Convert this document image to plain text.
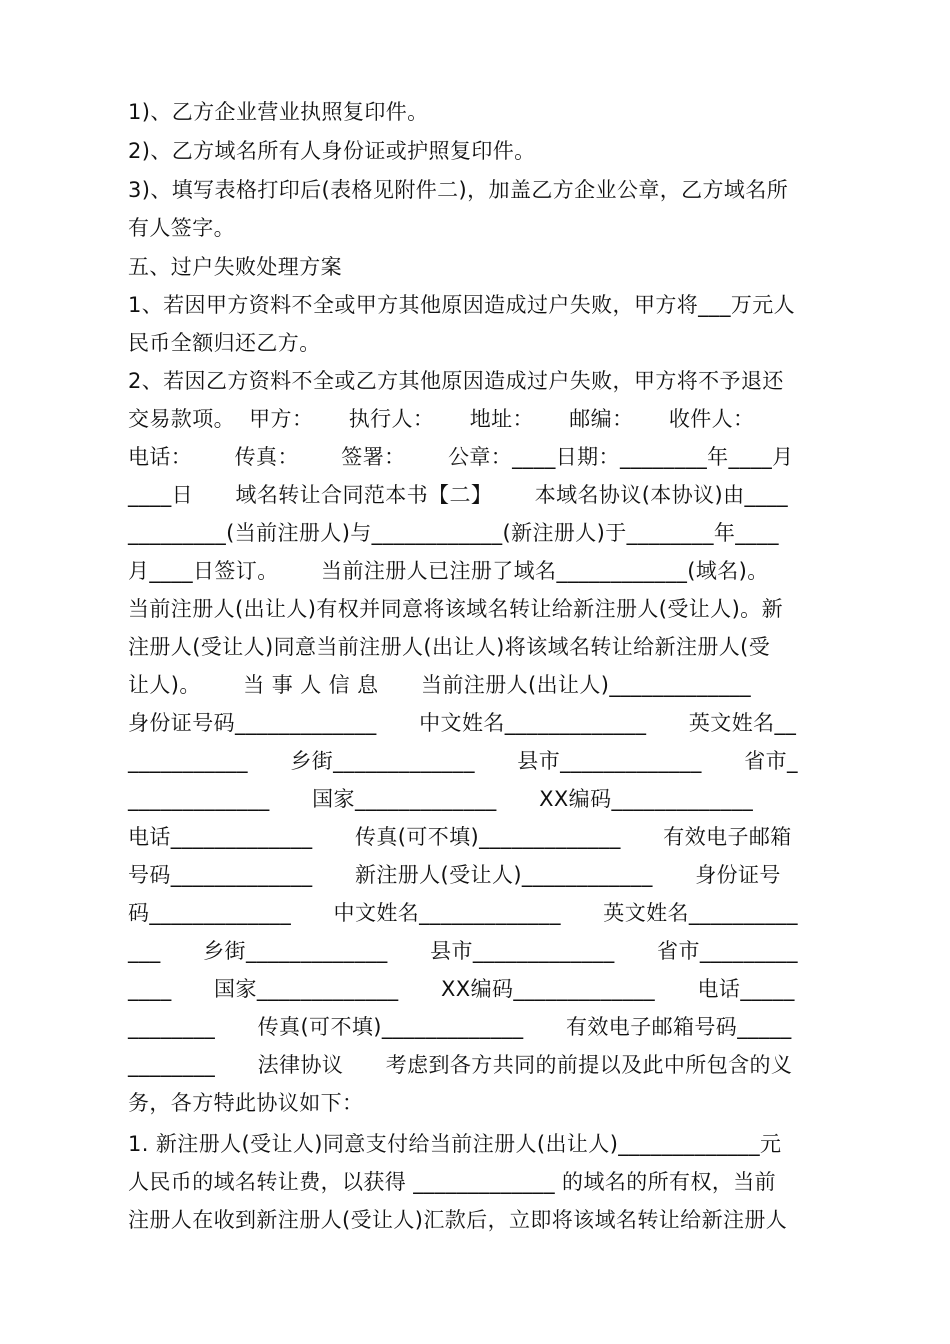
1)、乙方企业营业执照复印件。
2)、乙方域名所有人身份证或护照复印件。
3)、填写表格打印后(表格见附件二)，加盖乙方企业公章，乙方域名所
有人签字。
五、过户失败处理方案
1、若因甲方资料不全或甲方其他原因造成过户失败，甲方将___万元人
民币全额归还乙方。
2、若因乙方资料不全或乙方其他原因造成过户失败，甲方将不予退还
交易款项。  甲方：     执行人：     地址：     邮编：     收件人：
电话：      传真：      签署：      公章：____日期：________年____月
____日      域名转让合同范本书【二】      本域名协议(本协议)由____
_________(当前注册人)与____________(新注册人)于________年____
月____日签订。      当前注册人已注册了域名____________(域名)。
当前注册人(出让人)有权并同意将该域名转让给新注册人(受让人)。新
注册人(受让人)同意当前注册人(出让人)将该域名转让给新注册人(受
让人)。      当 事 人 信 息      当前注册人(出让人)_____________
身份证号码_____________      中文姓名_____________      英文姓名__
___________      乡街_____________      县市_____________      省市_
_____________      国家_____________      XX编码_____________
电话_____________      传真(可不填)_____________      有效电子邮箱
号码_____________      新注册人(受让人)____________      身份证号
码_____________      中文姓名_____________      英文姓名__________
___      乡街_____________      县市_____________      省市_________
____      国家_____________      XX编码_____________      电话_____
________      传真(可不填)_____________      有效电子邮箱号码_____
________      法律协议      考虑到各方共同的前提以及此中所包含的义
务，各方特此协议如下：
1. 新注册人(受让人)同意支付给当前注册人(出让人)_____________元
人民币的域名转让费，以获得 _____________ 的域名的所有权，当前
注册人在收到新注册人(受让人)汇款后，立即将该域名转让给新注册人
